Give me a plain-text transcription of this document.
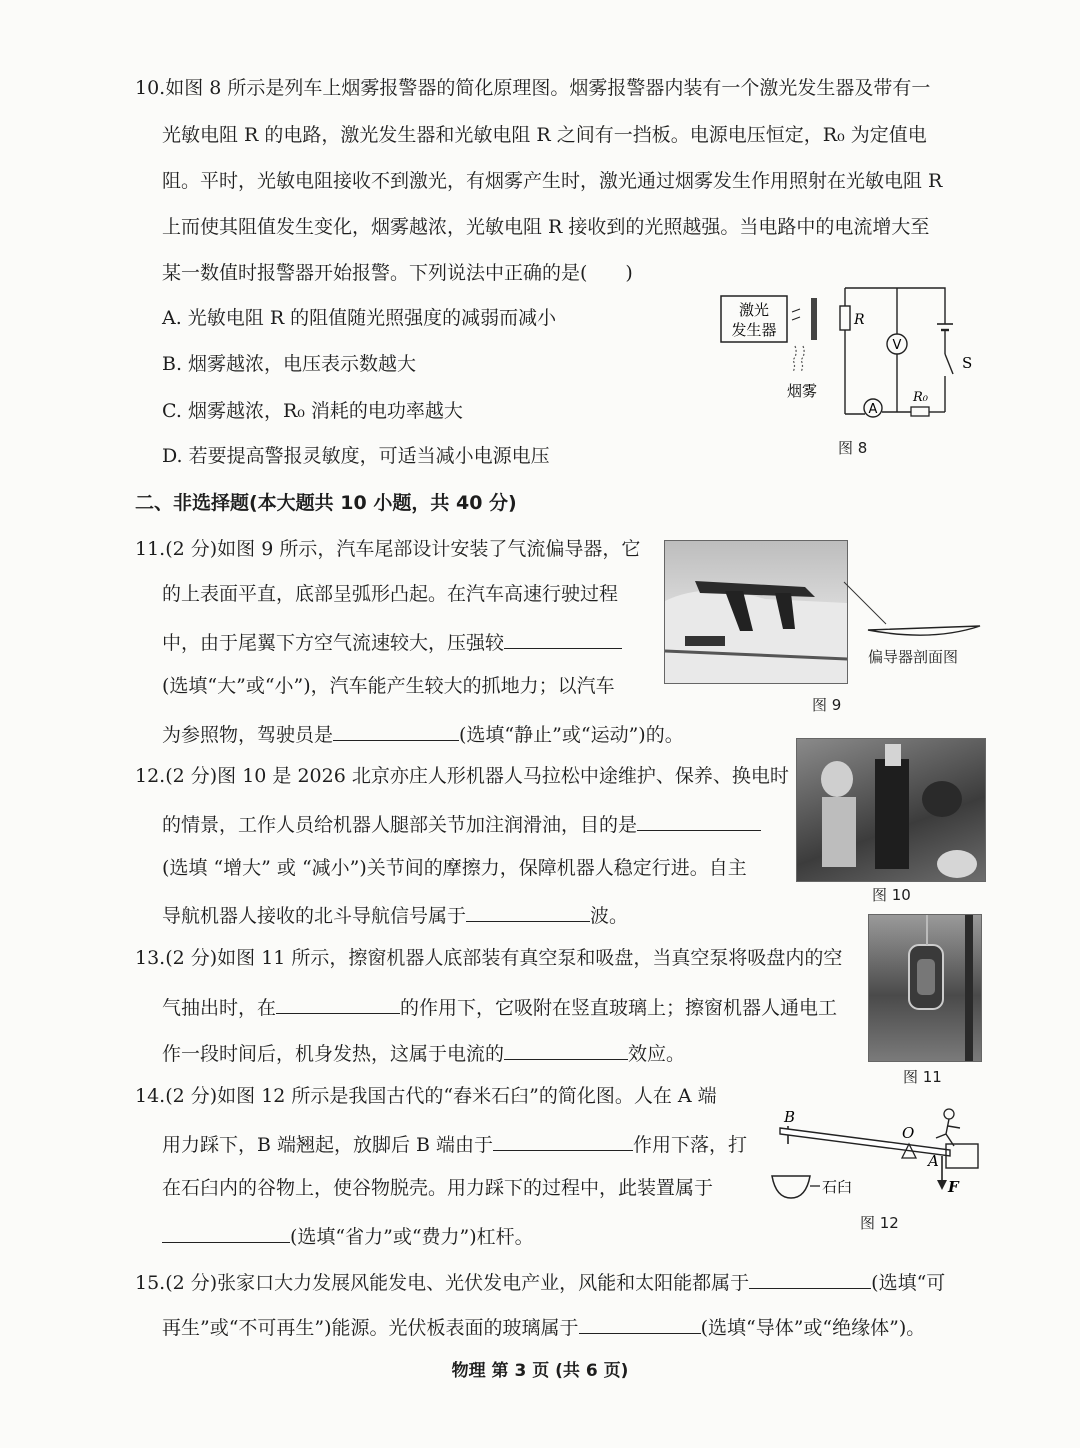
10.如图 8 所示是列车上烟雾报警器的简化原理图。烟雾报警器内装有一个激光发生器及带有一
光敏电阻 R 的电路，激光发生器和光敏电阻 R 之间有一挡板。电源电压恒定，R₀ 为定值电
阻。平时，光敏电阻接收不到激光，有烟雾产生时，激光通过烟雾发生作用照射在光敏电阻 R
上而使其阻值发生变化，烟雾越浓，光敏电阻 R 接收到的光照越强。当电路中的电流增大至
某一数值时报警器开始报警。下列说法中正确的是(　　)
A. 光敏电阻 R 的阻值随光照强度的减弱而减小
B. 烟雾越浓，电压表示数越大
C. 烟雾越浓，R₀ 消耗的电功率越大
D. 若要提高警报灵敏度，可适当减小电源电压
激光
发生器
A
S
V
R
R₀
烟雾
图 8
二、非选择题(本大题共 10 小题，共 40 分)
11.(2 分)如图 9 所示，汽车尾部设计安装了气流偏导器，它
的上表面平直，底部呈弧形凸起。在汽车高速行驶过程
中，由于尾翼下方空气流速较大，压强较
(选填“大”或“小”)，汽车能产生较大的抓地力；以汽车
为参照物，驾驶员是	(选填“静止”或“运动”)的。
偏导器剖面图
图 9
12.(2 分)图 10 是 2026 北京亦庄人形机器人马拉松中途维护、保养、换电时
的情景，工作人员给机器人腿部关节加注润滑油，目的是
(选填 “增大” 或 “减小”)关节间的摩擦力，保障机器人稳定行进。自主
导航机器人接收的北斗导航信号属于	波。
图 10
13.(2 分)如图 11 所示，擦窗机器人底部装有真空泵和吸盘，当真空泵将吸盘内的空
气抽出时，在	的作用下，它吸附在竖直玻璃上；擦窗机器人通电工
作一段时间后，机身发热，这属于电流的	效应。
图 11
14.(2 分)如图 12 所示是我国古代的“舂米石臼”的简化图。人在 A 端
用力踩下，B 端翘起，放脚后 B 端由于	作用下落，打
在石臼内的谷物上，使谷物脱壳。用力踩下的过程中，此装置属于
(选填“省力”或“费力”)杠杆。
B
O
A
F
石臼
图 12
15.(2 分)张家口大力发展风能发电、光伏发电产业，风能和太阳能都属于	(选填“可
再生”或“不可再生”)能源。光伏板表面的玻璃属于	(选填“导体”或“绝缘体”)。
物理 第 3 页 (共 6 页)
